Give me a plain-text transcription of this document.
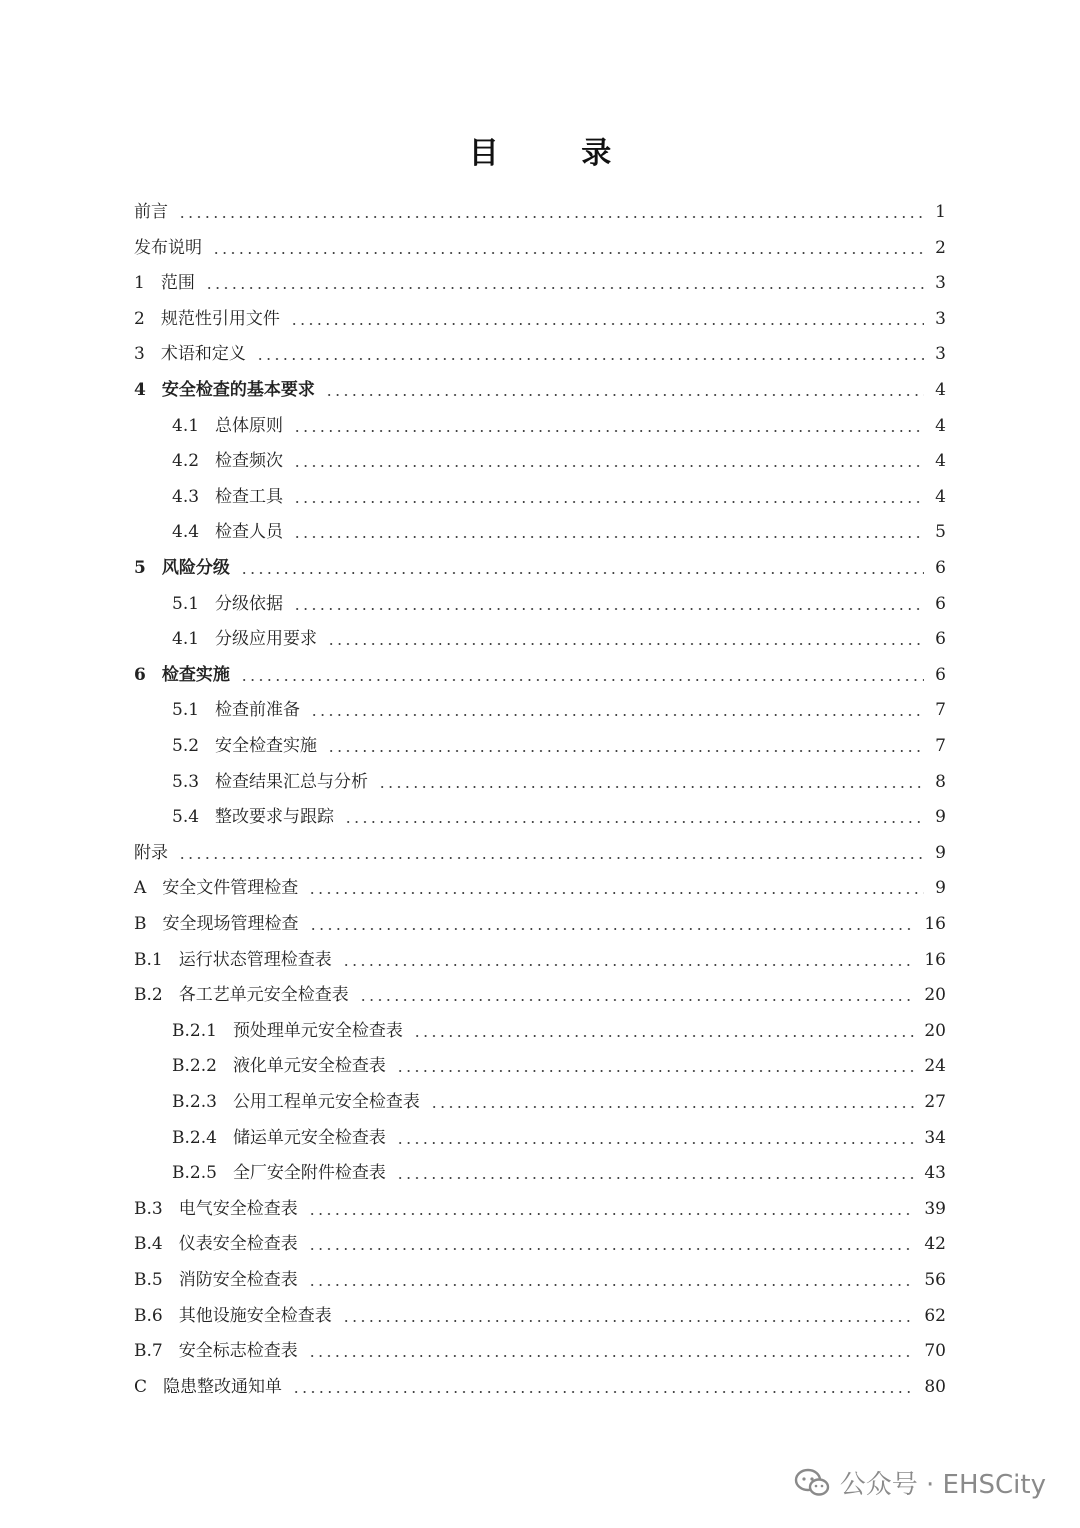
目 录
前言	1
发布说明	2
1 范围	3
2 规范性引用文件	3
3 术语和定义	3
4 安全检查的基本要求	4
4.1 总体原则	4
4.2 检查频次	4
4.3 检查工具	4
4.4 检查人员	5
5 风险分级	6
5.1 分级依据	6
4.1 分级应用要求	6
6 检查实施	6
5.1 检查前准备	7
5.2 安全检查实施	7
5.3 检查结果汇总与分析	8
5.4 整改要求与跟踪	9
附录	9
A 安全文件管理检查	9
B 安全现场管理检查	16
B.1 运行状态管理检查表	16
B.2 各工艺单元安全检查表	20
B.2.1 预处理单元安全检查表	20
B.2.2 液化单元安全检查表	24
B.2.3 公用工程单元安全检查表	27
B.2.4 储运单元安全检查表	34
B.2.5 全厂安全附件检查表	43
B.3 电气安全检查表	39
B.4 仪表安全检查表	42
B.5 消防安全检查表	56
B.6 其他设施安全检查表	62
B.7 安全标志检查表	70
C 隐患整改通知单	80
公众号 · EHSCity
